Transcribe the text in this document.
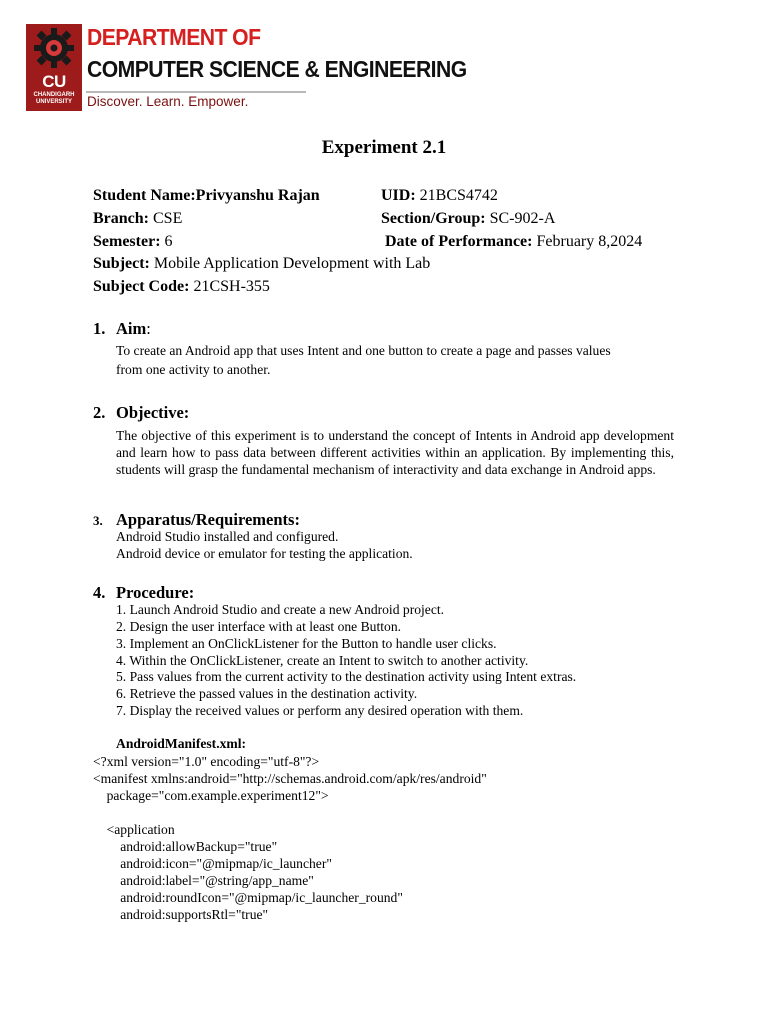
CU
CHANDIGARH
UNIVERSITY
DEPARTMENT OF
COMPUTER SCIENCE & ENGINEERING
Discover. Learn. Empower.
Experiment 2.1
Student Name:Privyanshu Rajan	UID: 21BCS4742
Branch: CSE	Section/Group: SC-902-A
Semester: 6	Date of Performance: February 8,2024
Subject: Mobile Application Development with Lab
Subject Code: 21CSH-355
1. Aim:
To create an Android app that uses Intent and one button to create a page and passes values
from one activity to another.
2. Objective:
The objective of this experiment is to understand the concept of Intents in Android app development and learn how to pass data between different activities within an application. By implementing this, students will grasp the fundamental mechanism of interactivity and data exchange in Android apps.
3. Apparatus/Requirements:
Android Studio installed and configured.
Android device or emulator for testing the application.
4. Procedure:
1. Launch Android Studio and create a new Android project.
2. Design the user interface with at least one Button.
3. Implement an OnClickListener for the Button to handle user clicks.
4. Within the OnClickListener, create an Intent to switch to another activity.
5. Pass values from the current activity to the destination activity using Intent extras.
6. Retrieve the passed values in the destination activity.
7. Display the received values or perform any desired operation with them.
AndroidManifest.xml:
<?xml version="1.0" encoding="utf-8"?>
<manifest xmlns:android="http://schemas.android.com/apk/res/android"
package="com.example.experiment12">
<application
android:allowBackup="true"
android:icon="@mipmap/ic_launcher"
android:label="@string/app_name"
android:roundIcon="@mipmap/ic_launcher_round"
android:supportsRtl="true"
